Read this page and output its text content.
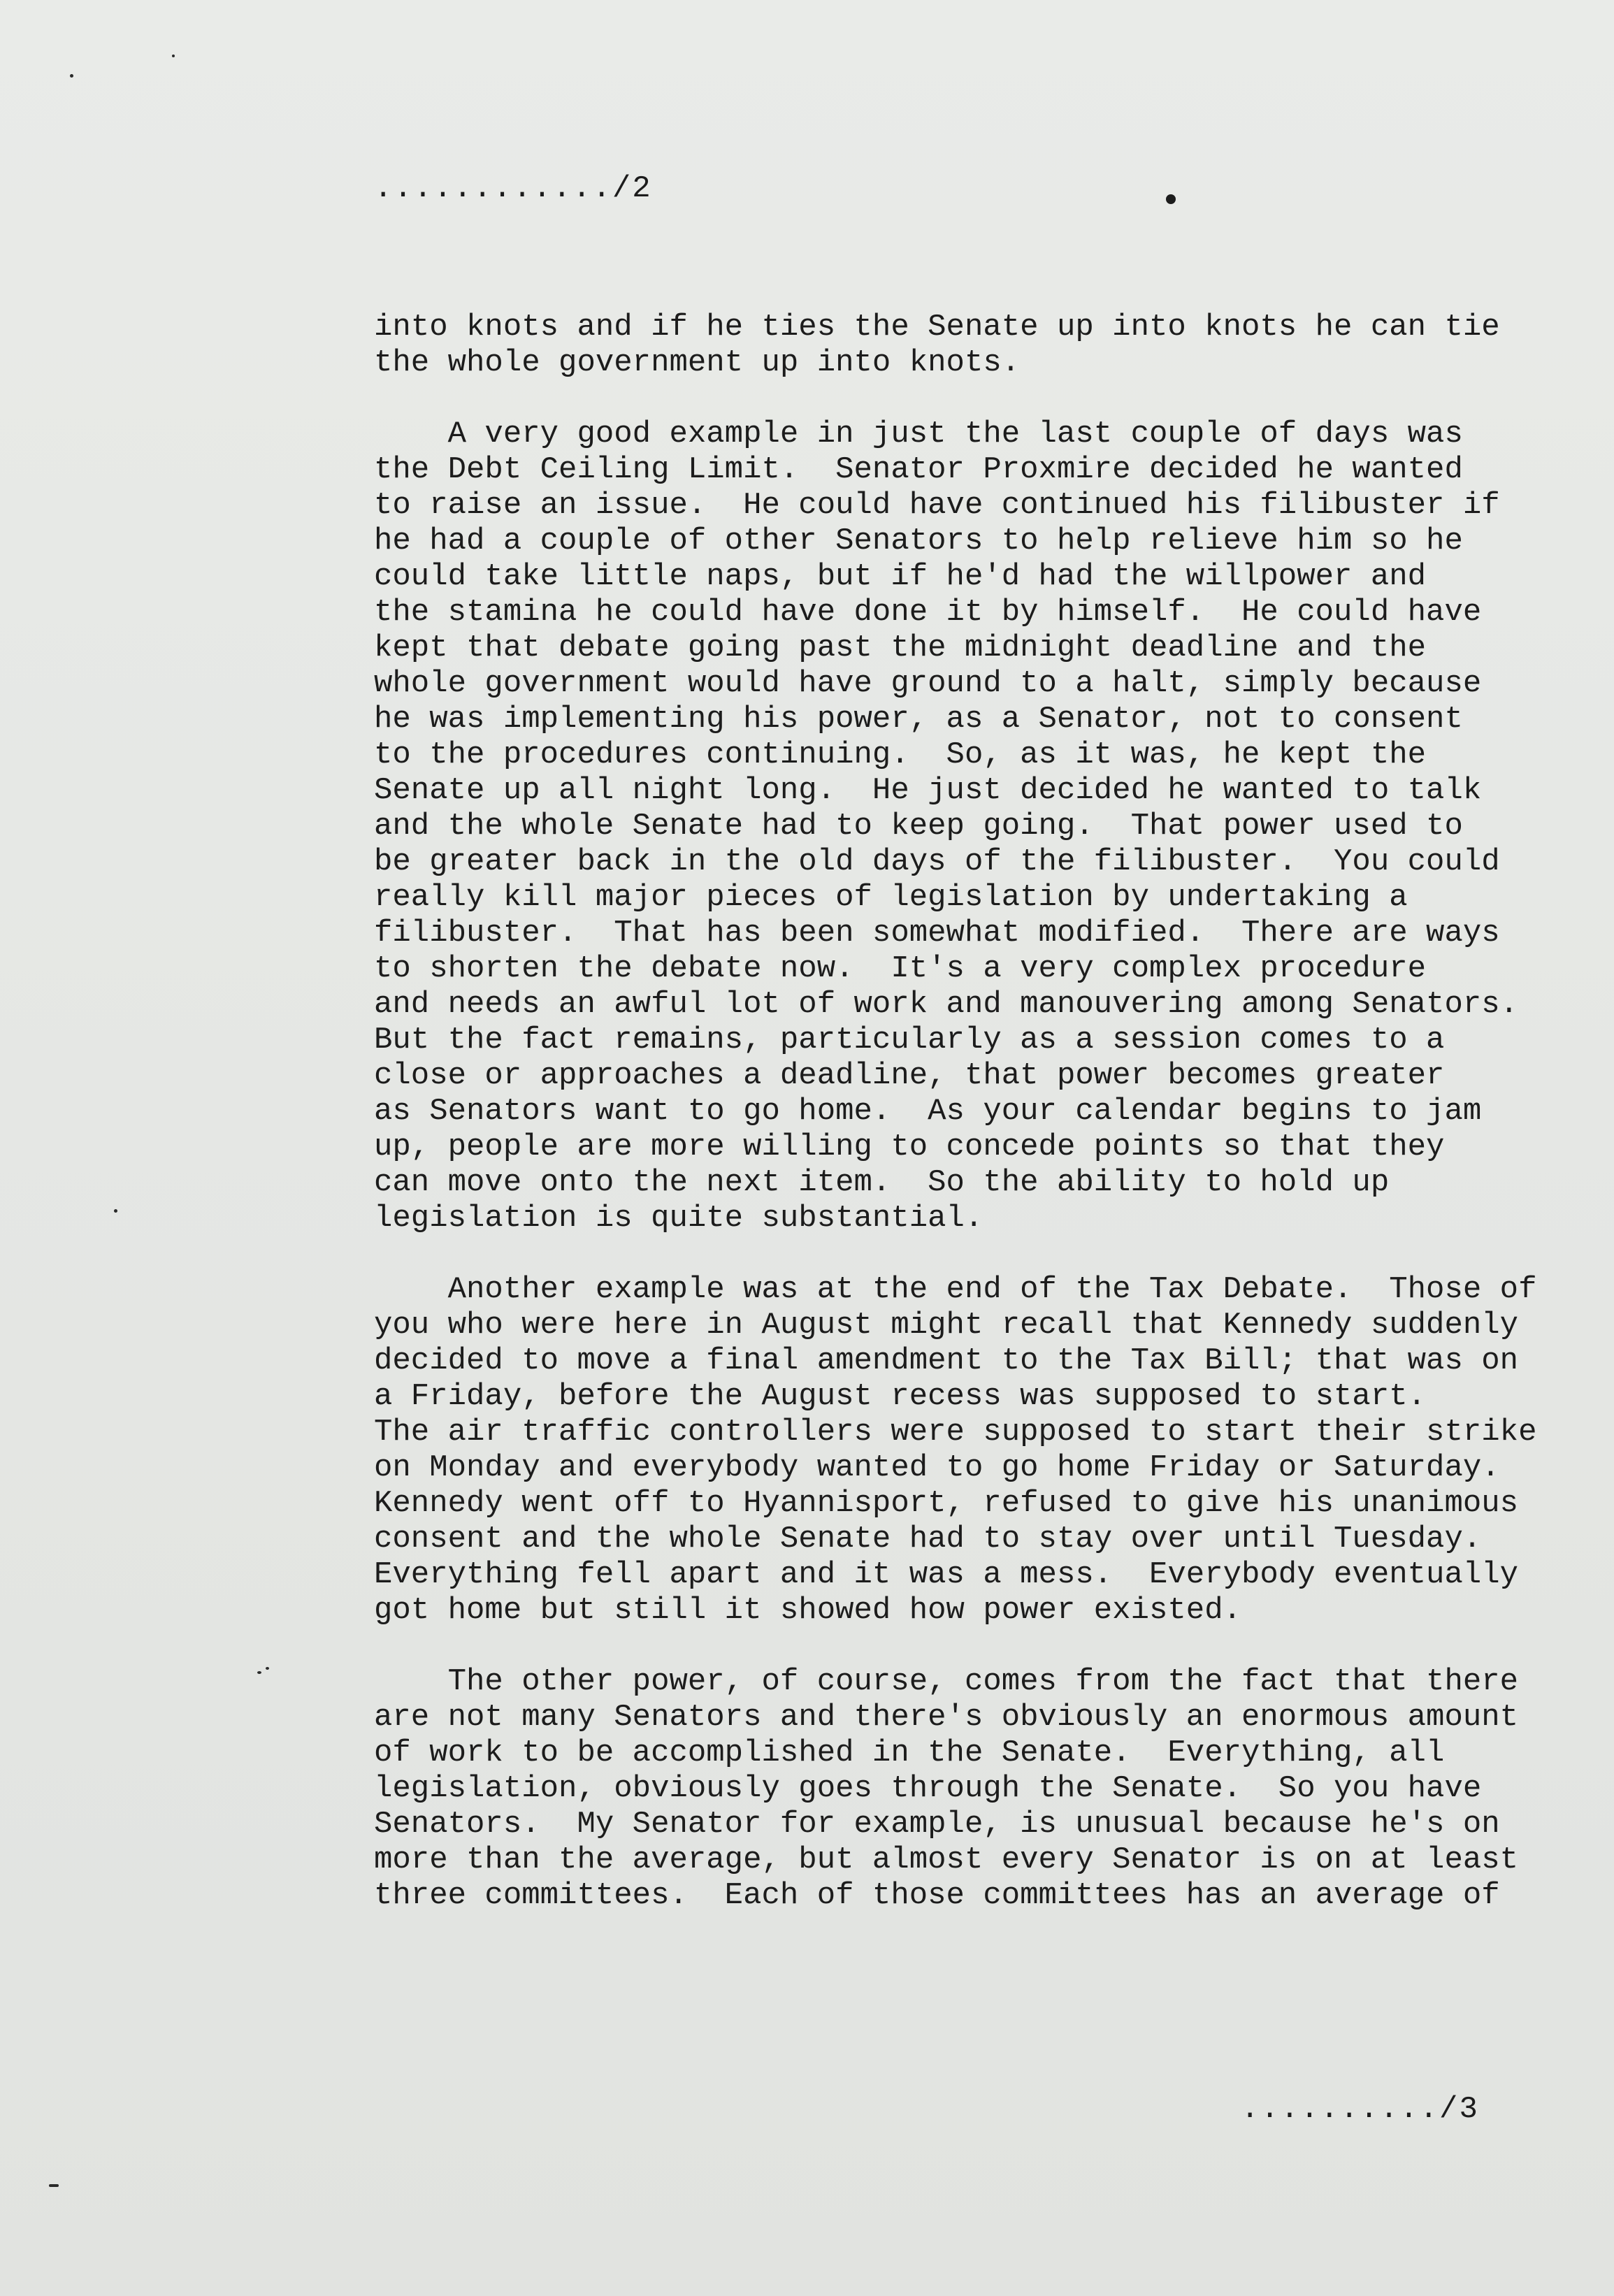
............/2
into knots and if he ties the Senate up into knots he can tie
the whole government up into knots.
A very good example in just the last couple of days was
the Debt Ceiling Limit.  Senator Proxmire decided he wanted
to raise an issue.  He could have continued his filibuster if
he had a couple of other Senators to help relieve him so he
could take little naps, but if he'd had the willpower and
the stamina he could have done it by himself.  He could have
kept that debate going past the midnight deadline and the
whole government would have ground to a halt, simply because
he was implementing his power, as a Senator, not to consent
to the procedures continuing.  So, as it was, he kept the
Senate up all night long.  He just decided he wanted to talk
and the whole Senate had to keep going.  That power used to
be greater back in the old days of the filibuster.  You could
really kill major pieces of legislation by undertaking a
filibuster.  That has been somewhat modified.  There are ways
to shorten the debate now.  It's a very complex procedure
and needs an awful lot of work and manouvering among Senators.
But the fact remains, particularly as a session comes to a
close or approaches a deadline, that power becomes greater
as Senators want to go home.  As your calendar begins to jam
up, people are more willing to concede points so that they
can move onto the next item.  So the ability to hold up
legislation is quite substantial.
Another example was at the end of the Tax Debate.  Those of
you who were here in August might recall that Kennedy suddenly
decided to move a final amendment to the Tax Bill; that was on
a Friday, before the August recess was supposed to start.
The air traffic controllers were supposed to start their strike
on Monday and everybody wanted to go home Friday or Saturday.
Kennedy went off to Hyannisport, refused to give his unanimous
consent and the whole Senate had to stay over until Tuesday.
Everything fell apart and it was a mess.  Everybody eventually
got home but still it showed how power existed.
The other power, of course, comes from the fact that there
are not many Senators and there's obviously an enormous amount
of work to be accomplished in the Senate.  Everything, all
legislation, obviously goes through the Senate.  So you have
Senators.  My Senator for example, is unusual because he's on
more than the average, but almost every Senator is on at least
three committees.  Each of those committees has an average of
........../3
